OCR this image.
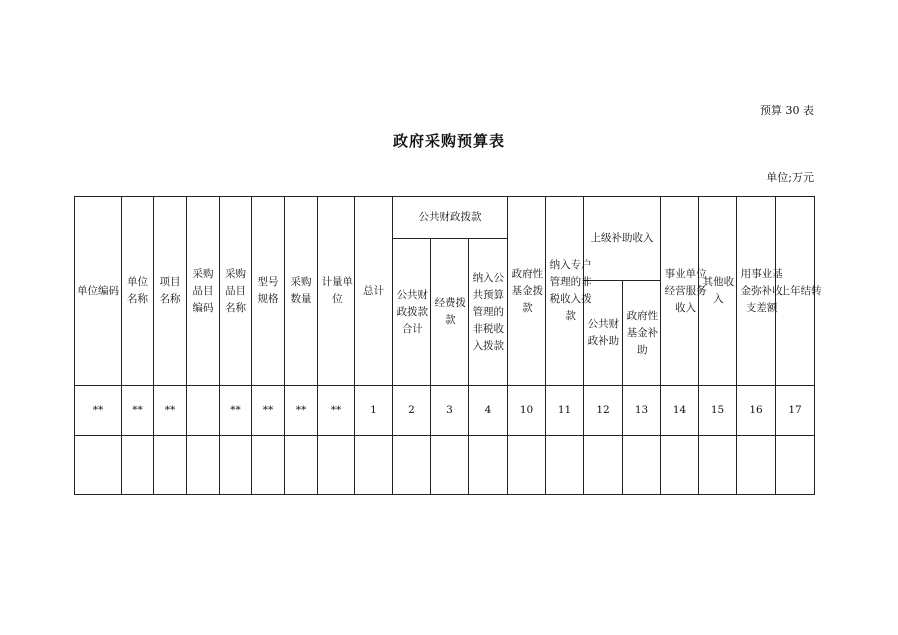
预算 30 表
政府采购预算表
单位;万元
单位编码	单位名称	项目名称	采购品目编码	采购品目名称	型号规格	采购数量	计量单位	总计	公共财政拨款			政府性基金拨款	纳入专户管理的非税收入拨款	上级补助收入		事业单位经营服务收入	其他收入	用事业基金弥补收支差额	上年结转
									公共财政拨款合计	经费拨款	纳入公共预算管理的非税收入拨款								
														公共财政补助	政府性基金补助				
**	**	**		**	**	**	**	1	2	3	4	10	11	12	13	14	15	16	17
